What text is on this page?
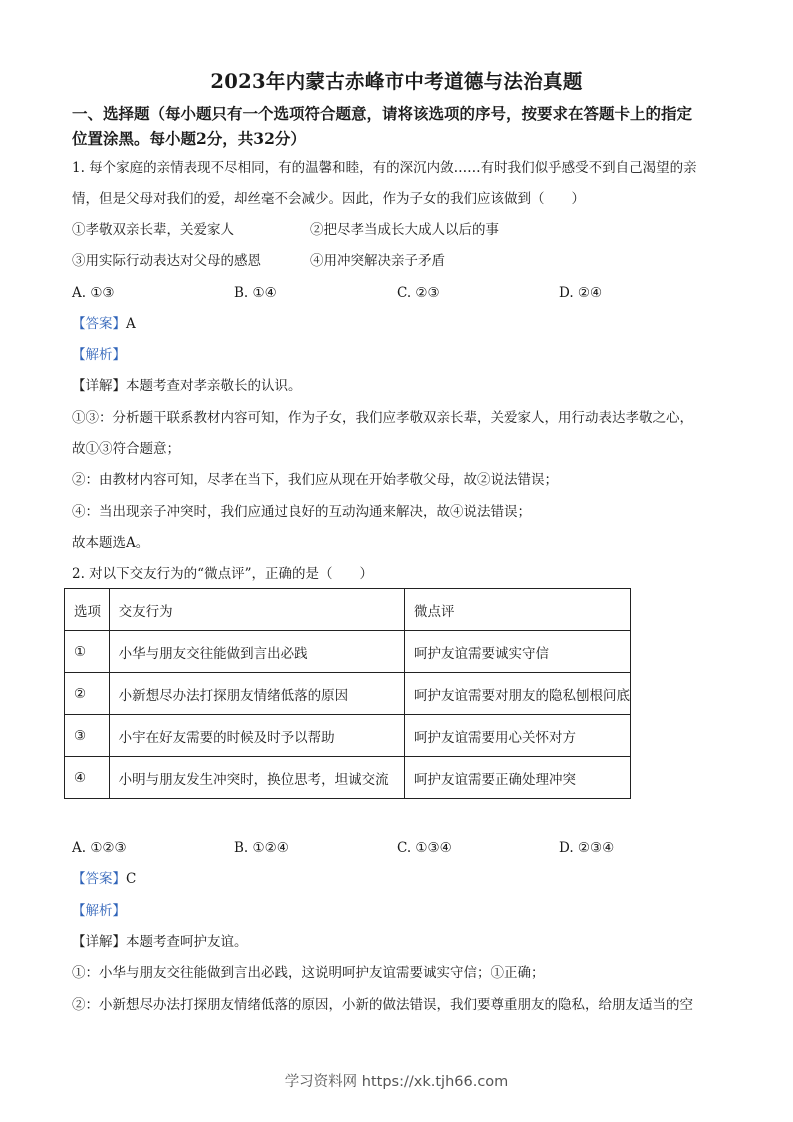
2023年内蒙古赤峰市中考道德与法治真题
一、选择题（每小题只有一个选项符合题意，请将该选项的序号，按要求在答题卡上的指定
位置涂黑。每小题2分，共32分）
1. 每个家庭的亲情表现不尽相同，有的温馨和睦，有的深沉内敛……有时我们似乎感受不到自己渴望的亲
情，但是父母对我们的爱，却丝毫不会减少。因此，作为子女的我们应该做到（　　）
①孝敬双亲长辈，关爱家人	②把尽孝当成长大成人以后的事
③用实际行动表达对父母的感恩	④用冲突解决亲子矛盾
A. ①③	B. ①④	C. ②③	D. ②④
【答案】A
【解析】
【详解】本题考查对孝亲敬长的认识。
①③：分析题干联系教材内容可知，作为子女，我们应孝敬双亲长辈，关爱家人，用行动表达孝敬之心，
故①③符合题意；
②：由教材内容可知，尽孝在当下，我们应从现在开始孝敬父母，故②说法错误；
④：当出现亲子冲突时，我们应通过良好的互动沟通来解决，故④说法错误；
故本题选A。
2. 对以下交友行为的“微点评”，正确的是（　　）
选项	交友行为	微点评
①	小华与朋友交往能做到言出必践	呵护友谊需要诚实守信
②	小新想尽办法打探朋友情绪低落的原因	呵护友谊需要对朋友的隐私刨根问底
③	小宇在好友需要的时候及时予以帮助	呵护友谊需要用心关怀对方
④	小明与朋友发生冲突时，换位思考，坦诚交流	呵护友谊需要正确处理冲突
A. ①②③	B. ①②④	C. ①③④	D. ②③④
【答案】C
【解析】
【详解】本题考查呵护友谊。
①：小华与朋友交往能做到言出必践，这说明呵护友谊需要诚实守信；①正确；
②：小新想尽办法打探朋友情绪低落的原因，小新的做法错误，我们要尊重朋友的隐私，给朋友适当的空
学习资料网 https://xk.tjh66.com
